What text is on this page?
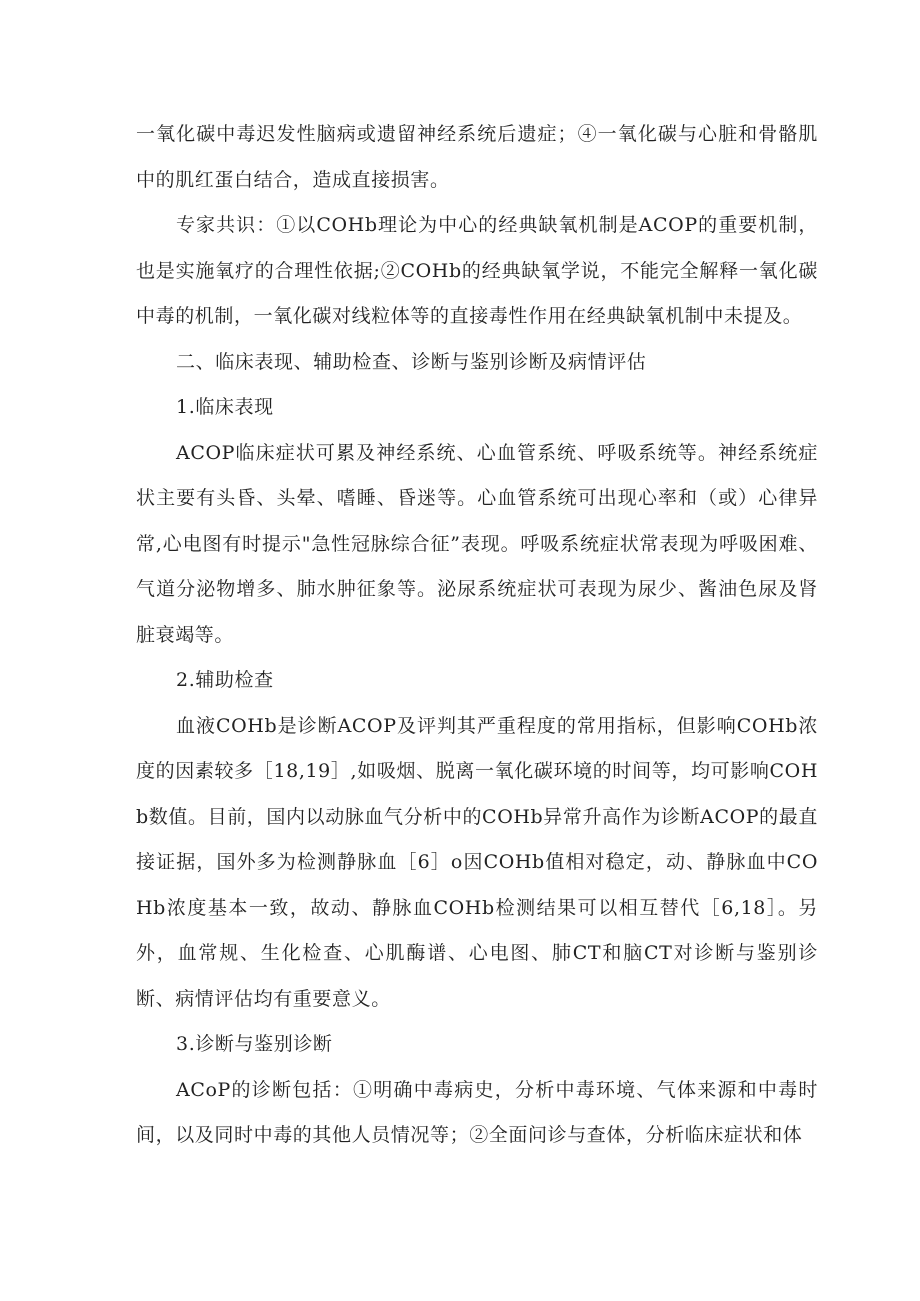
一氧化碳中毒迟发性脑病或遗留神经系统后遗症；④一氧化碳与心脏和骨骼肌中的肌红蛋白结合，造成直接损害。

专家共识：①以COHb理论为中心的经典缺氧机制是ACOP的重要机制，也是实施氧疗的合理性依据;②COHb的经典缺氧学说，不能完全解释一氧化碳中毒的机制，一氧化碳对线粒体等的直接毒性作用在经典缺氧机制中未提及。

二、临床表现、辅助检查、诊断与鉴别诊断及病情评估

1.临床表现

ACOP临床症状可累及神经系统、心血管系统、呼吸系统等。神经系统症状主要有头昏、头晕、嗜睡、昏迷等。心血管系统可出现心率和（或）心律异常,心电图有时提示"急性冠脉综合征”表现。呼吸系统症状常表现为呼吸困难、气道分泌物增多、肺水肿征象等。泌尿系统症状可表现为尿少、酱油色尿及肾脏衰竭等。

2.辅助检查

血液COHb是诊断ACOP及评判其严重程度的常用指标，但影响COHb浓度的因素较多［18,19］,如吸烟、脱离一氧化碳环境的时间等，均可影响COHb数值。目前，国内以动脉血气分析中的COHb异常升高作为诊断ACOP的最直接证据，国外多为检测静脉血［6］o因COHb值相对稳定，动、静脉血中COHb浓度基本一致，故动、静脉血COHb检测结果可以相互替代［6,18］。另外，血常规、生化检查、心肌酶谱、心电图、肺CT和脑CT对诊断与鉴别诊断、病情评估均有重要意义。

3.诊断与鉴别诊断

ACoP的诊断包括：①明确中毒病史，分析中毒环境、气体来源和中毒时间，以及同时中毒的其他人员情况等；②全面问诊与查体，分析临床症状和体
